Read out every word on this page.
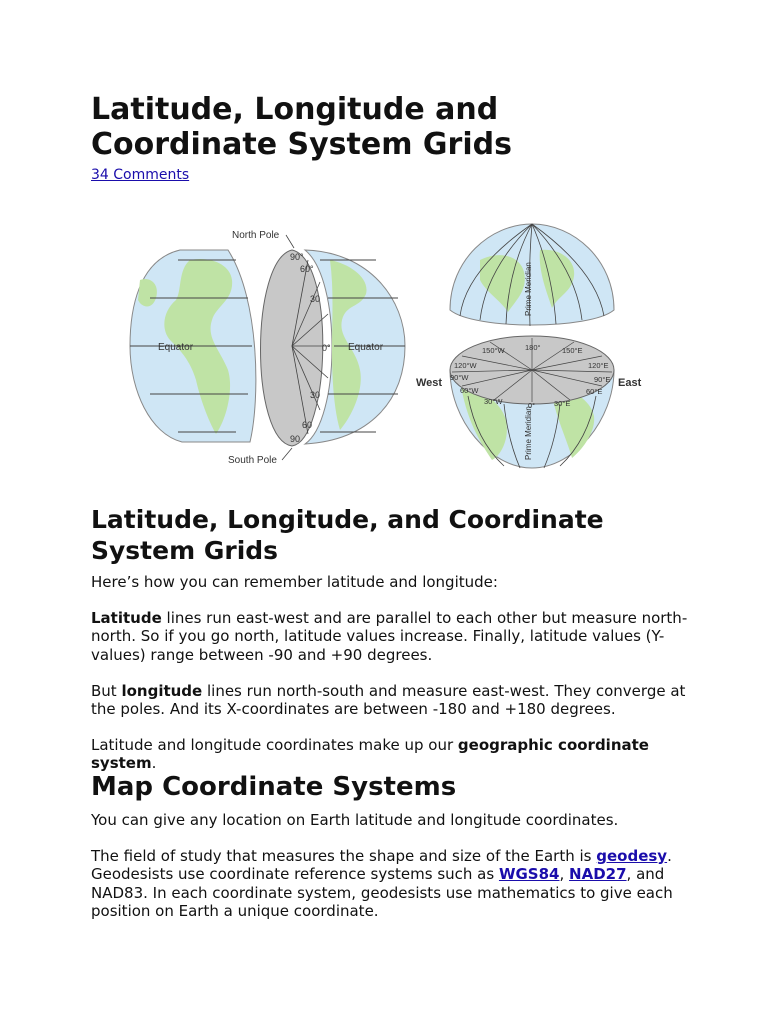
Latitude, Longitude and
Coordinate System Grids
34 Comments
Equator
90°
60°
30
0°
30
60
90
North Pole
South Pole
Equator
Prime Meridian
150°W	180°	150°E
120°W	120°E
90°W	90°E
60°W	60°E
30°W	0°	30°E
West	East
Prime Meridian
Latitude, Longitude, and Coordinate
System Grids

Here’s how you can remember latitude and longitude:

Latitude lines run east-west and are parallel to each other but measure north-north. So if you go north, latitude values increase. Finally, latitude values (Y-values) range between -90 and +90 degrees.

But longitude lines run north-south and measure east-west. They converge at the poles. And its X-coordinates are between -180 and +180 degrees.

Latitude and longitude coordinates make up our geographic coordinate system.

Map Coordinate Systems

You can give any location on Earth latitude and longitude coordinates.

The field of study that measures the shape and size of the Earth is geodesy. Geodesists use coordinate reference systems such as WGS84, NAD27, and NAD83. In each coordinate system, geodesists use mathematics to give each position on Earth a unique coordinate.
